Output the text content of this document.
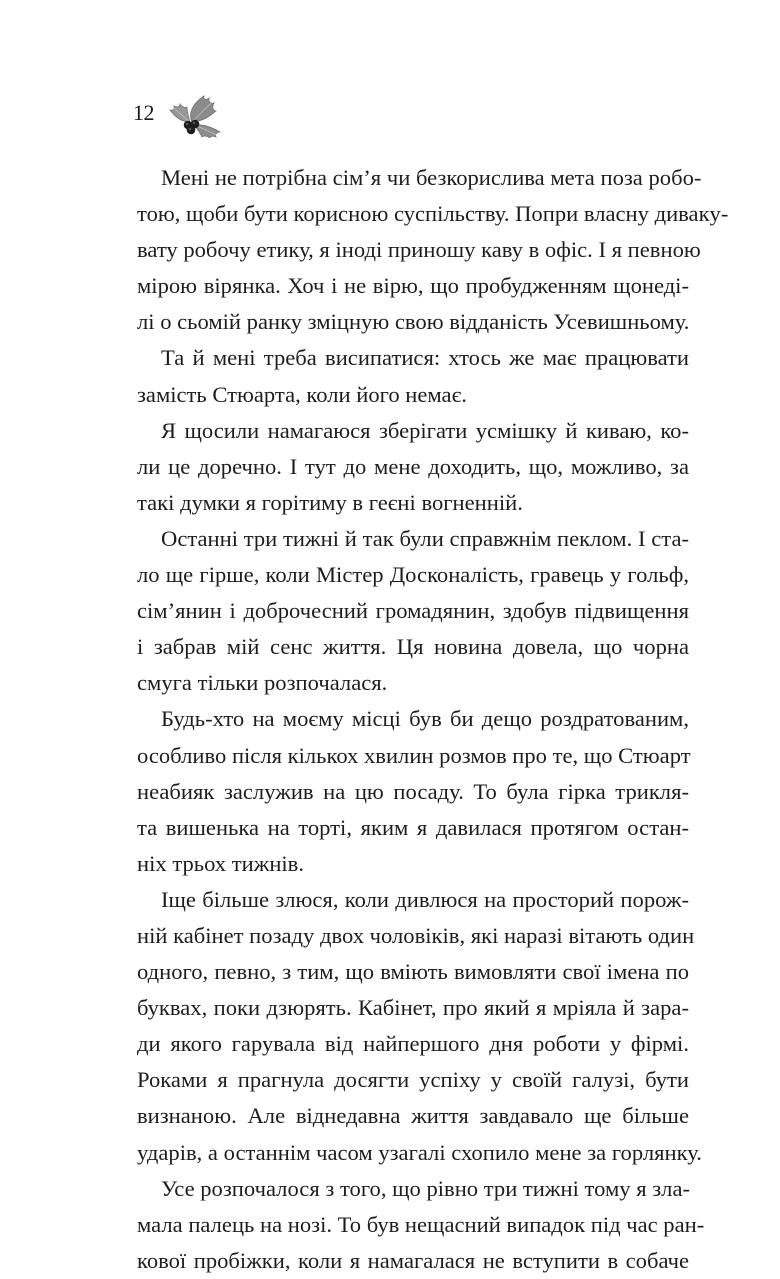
12

Мені не потрібна сім’я чи безкорислива мета поза робо-
тою, щоби бути корисною суспільству. Попри власну дивакy-
вату робочу етику, я іноді приношу каву в офіс. І я певною
мірою вірянка. Хоч і не вірю, що пробудженням щонеді-
лі о сьомій ранку зміцную свою відданість Усевишньому.

Та й мені треба висипатися: хтось же має працювати
замість Стюарта, коли його немає.

Я щосили намагаюся зберігати усмішку й киваю, ко-
ли це доречно. І тут до мене доходить, що, можливо, за
такі думки я горітиму в геєні вогненній.

Останні три тижні й так були справжнім пеклом. І ста-
ло ще гірше, коли Містер Досконалість, гравець у гольф,
сім’янин і доброчесний громадянин, здобув підвищення
і забрав мій сенс життя. Ця новина довела, що чорна
смуга тільки розпочалася.

Будь-хто на моєму місці був би дещо роздратованим,
особливо після кількох хвилин розмов про те, що Стюарт
неабияк заслужив на цю посаду. То була гірка трикля-
та вишенька на торті, яким я давилася протягом остан-
ніх трьох тижнів.

Іще більше злюся, коли дивлюся на просторий порож-
ній кабінет позаду двох чоловіків, які наразі вітають один
одного, певно, з тим, що вміють вимовляти свої імена по
буквах, поки дзюрять. Кабінет, про який я мріяла й зара-
ди якого гарувала від найпершого дня роботи у фірмі.
Роками я прагнула досягти успіху у своїй галузі, бути
визнаною. Але віднедавна життя завдавало ще більше
ударів, а останнім часом узагалі схопило мене за горлянку.

Усе розпочалося з того, що рівно три тижні тому я зла-
мала палець на нозі. То був нещасний випадок під час ран-
кової пробіжки, коли я намагалася не вступити в собаче
